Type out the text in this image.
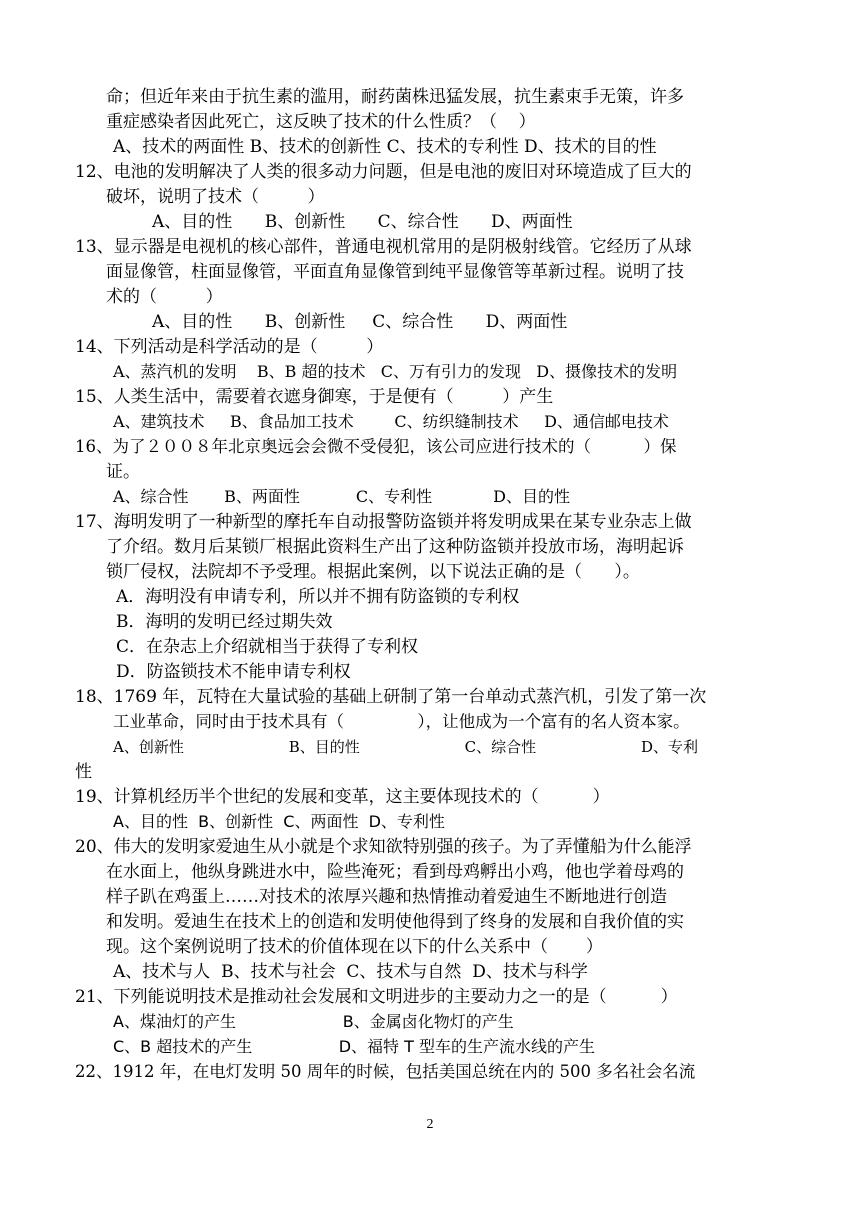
命；但近年来由于抗生素的滥用，耐药菌株迅猛发展，抗生素束手无策，许多
重症感染者因此死亡，这反映了技术的什么性质？（    ）
A、技术的两面性 B、技术的创新性 C、技术的专利性 D、技术的目的性
12、电池的发明解决了人类的很多动力问题，但是电池的废旧对环境造成了巨大的
破坏，说明了技术（         ）
A、目的性      B、创新性      C、综合性      D、两面性
13、显示器是电视机的核心部件，普通电视机常用的是阴极射线管。它经历了从球
面显像管，柱面显像管，平面直角显像管到纯平显像管等革新过程。说明了技
术的（         ）
A、目的性      B、创新性     C、综合性      D、两面性
14、下列活动是科学活动的是（         ）
A、蒸汽机的发明    B、B 超的技术   C、万有引力的发现   D、摄像技术的发明
15、人类生活中，需要着衣遮身御寒，于是便有（         ）产生
A、建筑技术     B、食品加工技术        C、纺织缝制技术     D、通信邮电技术
16、为了２００８年北京奥远会会微不受侵犯，该公司应进行技术的（          ）保
证。
A、综合性       B、两面性           C、专利性            D、目的性
17、海明发明了一种新型的摩托车自动报警防盗锁并将发明成果在某专业杂志上做
了介绍。数月后某锁厂根据此资料生产出了这种防盗锁并投放市场，海明起诉
锁厂侵权，法院却不予受理。根据此案例，以下说法正确的是（      ）。
A．海明没有申请专利，所以并不拥有防盗锁的专利权
B．海明的发明已经过期失效
C．在杂志上介绍就相当于获得了专利权
D．防盗锁技术不能申请专利权
18、1769 年，瓦特在大量试验的基础上研制了第一台单动式蒸汽机，引发了第一次
工业革命，同时由于技术具有（              ），让他成为一个富有的名人资本家。
A、创新性                      B、目的性                      C、综合性                      D、专利
性
19、计算机经历半个世纪的发展和变革，这主要体现技术的（          ）
A、目的性  B、创新性  C、两面性  D、专利性
20、伟大的发明家爱迪生从小就是个求知欲特别强的孩子。为了弄懂船为什么能浮
在水面上，他纵身跳进水中，险些淹死；看到母鸡孵出小鸡，他也学着母鸡的
样子趴在鸡蛋上……对技术的浓厚兴趣和热情推动着爱迪生不断地进行创造
和发明。爱迪生在技术上的创造和发明使他得到了终身的发展和自我价值的实
现。这个案例说明了技术的价值体现在以下的什么关系中（       ）
A、技术与人  B、技术与社会  C、技术与自然  D、技术与科学
21、下列能说明技术是推动社会发展和文明进步的主要动力之一的是（          ）
A、煤油灯的产生                     B、金属卤化物灯的产生
C、B 超技术的产生                 D、福特 T 型车的生产流水线的产生
22、1912 年，在电灯发明 50 周年的时候，包括美国总统在内的 500 多名社会名流
2
